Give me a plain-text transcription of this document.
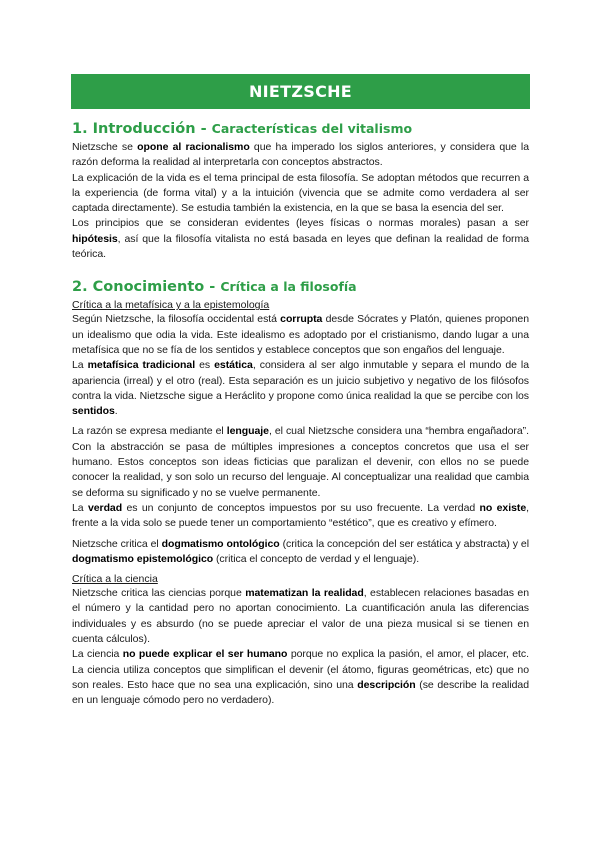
NIETZSCHE
1. Introducción - Características del vitalismo

Nietzsche se opone al racionalismo que ha imperado los siglos anteriores, y considera que la razón deforma la realidad al interpretarla con conceptos abstractos.

La explicación de la vida es el tema principal de esta filosofía. Se adoptan métodos que recurren a la experiencia (de forma vital) y a la intuición (vivencia que se admite como verdadera al ser captada directamente). Se estudia también la existencia, en la que se basa la esencia del ser.

Los principios que se consideran evidentes (leyes físicas o normas morales) pasan a ser hipótesis, así que la filosofía vitalista no está basada en leyes que definan la realidad de forma teórica.

2. Conocimiento - Crítica a la filosofía
Crítica a la metafísica y a la epistemología

Según Nietzsche, la filosofía occidental está corrupta desde Sócrates y Platón, quienes proponen un idealismo que odia la vida. Este idealismo es adoptado por el cristianismo, dando lugar a una metafísica que no se fía de los sentidos y establece conceptos que son engaños del lenguaje.

La metafísica tradicional es estática, considera al ser algo inmutable y separa el mundo de la apariencia (irreal) y el otro (real). Esta separación es un juicio subjetivo y negativo de los filósofos contra la vida. Nietzsche sigue a Heráclito y propone como única realidad la que se percibe con los sentidos.

La razón se expresa mediante el lenguaje, el cual Nietzsche considera una “hembra engañadora”. Con la abstracción se pasa de múltiples impresiones a conceptos concretos que usa el ser humano. Estos conceptos son ideas ficticias que paralizan el devenir, con ellos no se puede conocer la realidad, y son solo un recurso del lenguaje. Al conceptualizar una realidad que cambia se deforma su significado y no se vuelve permanente.

La verdad es un conjunto de conceptos impuestos por su uso frecuente. La verdad no existe, frente a la vida solo se puede tener un comportamiento “estético”, que es creativo y efímero.

Nietzsche critica el dogmatismo ontológico (critica la concepción del ser estática y abstracta) y el dogmatismo epistemológico (critica el concepto de verdad y el lenguaje).

Crítica a la ciencia

Nietzsche critica las ciencias porque matematizan la realidad, establecen relaciones basadas en el número y la cantidad pero no aportan conocimiento. La cuantificación anula las diferencias individuales y es absurdo (no se puede apreciar el valor de una pieza musical si se tienen en cuenta cálculos).

La ciencia no puede explicar el ser humano porque no explica la pasión, el amor, el placer, etc. La ciencia utiliza conceptos que simplifican el devenir (el átomo, figuras geométricas, etc) que no son reales. Esto hace que no sea una explicación, sino una descripción (se describe la realidad en un lenguaje cómodo pero no verdadero).
